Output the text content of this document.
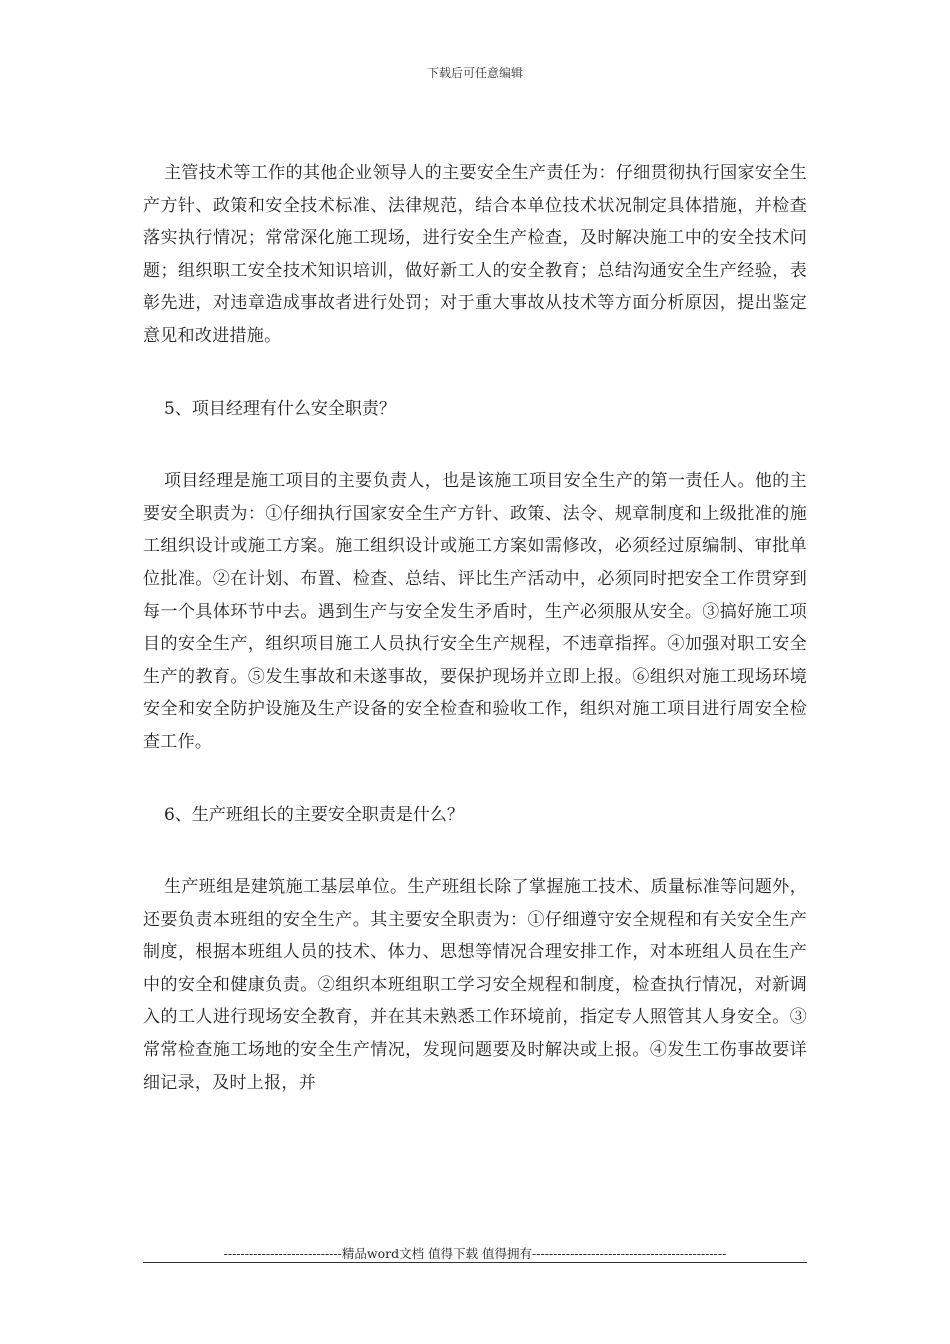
下载后可任意编辑

主管技术等工作的其他企业领导人的主要安全生产责任为：仔细贯彻执行国家安全生产方针、政策和安全技术标准、法律规范，结合本单位技术状况制定具体措施，并检查落实执行情况；常常深化施工现场，进行安全生产检查，及时解决施工中的安全技术问题；组织职工安全技术知识培训，做好新工人的安全教育；总结沟通安全生产经验，表彰先进，对违章造成事故者进行处罚；对于重大事故从技术等方面分析原因，提出鉴定意见和改进措施。

5、项目经理有什么安全职责？

项目经理是施工项目的主要负责人，也是该施工项目安全生产的第一责任人。他的主要安全职责为：①仔细执行国家安全生产方针、政策、法令、规章制度和上级批准的施工组织设计或施工方案。施工组织设计或施工方案如需修改，必须经过原编制、审批单位批准。②在计划、布置、检查、总结、评比生产活动中，必须同时把安全工作贯穿到每一个具体环节中去。遇到生产与安全发生矛盾时，生产必须服从安全。③搞好施工项目的安全生产，组织项目施工人员执行安全生产规程，不违章指挥。④加强对职工安全生产的教育。⑤发生事故和未遂事故，要保护现场并立即上报。⑥组织对施工现场环境安全和安全防护设施及生产设备的安全检查和验收工作，组织对施工项目进行周安全检查工作。

6、生产班组长的主要安全职责是什么？

生产班组是建筑施工基层单位。生产班组长除了掌握施工技术、质量标准等问题外，还要负责本班组的安全生产。其主要安全职责为：①仔细遵守安全规程和有关安全生产制度，根据本班组人员的技术、体力、思想等情况合理安排工作，对本班组人员在生产中的安全和健康负责。②组织本班组职工学习安全规程和制度，检查执行情况，对新调入的工人进行现场安全教育，并在其未熟悉工作环境前，指定专人照管其人身安全。③常常检查施工场地的安全生产情况，发现问题要及时解决或上报。④发生工伤事故要详细记录，及时上报，并

----------------------------精品word文档 值得下载 值得拥有----------------------------------------------
